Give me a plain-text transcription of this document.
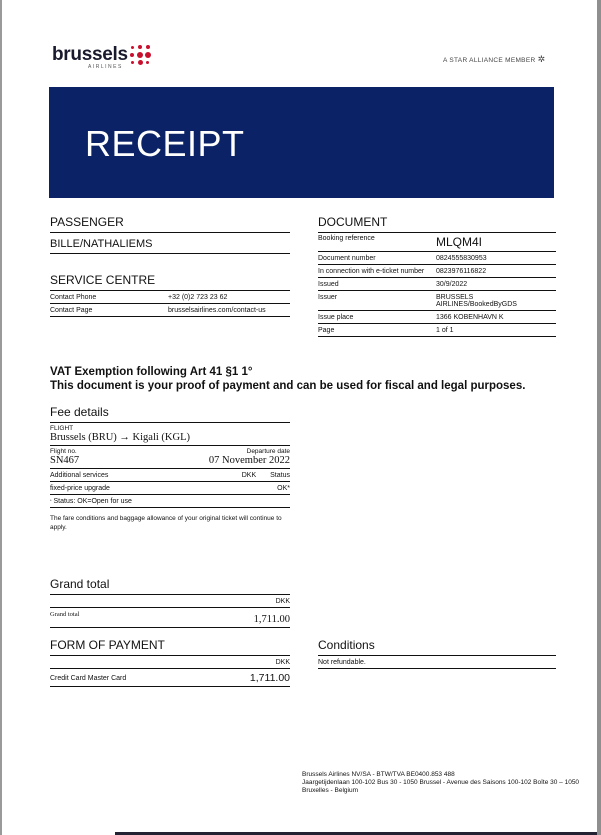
brussels
AIRLINES
A STAR ALLIANCE MEMBER ✲
RECEIPT
PASSENGER
BILLE/NATHALIEMS
SERVICE CENTRE
Contact Phone	+32 (0)2 723 23 62
Contact Page	brusselsairlines.com/contact-us
DOCUMENT
Booking reference	MLQM4I
Document number	0824555830953
In connection with e-ticket number	0823976116822
Issued	30/9/2022
Issuer	BRUSSELS AIRLINES/BookedByGDS
Issue place	1366 KOBENHAVN K
Page	1 of 1
VAT Exemption following Art 41 §1 1°
This document is your proof of payment and can be used for fiscal and legal purposes.
Fee details
FLIGHT
Brussels (BRU) → Kigali (KGL)
Flight no.	Departure date
SN467	07 November 2022
Additional services	DKK Status
fixed-price upgrade	OK*
*
Status: OK=Open for use
The fare conditions and baggage allowance of your original ticket will continue to apply.
Grand total
DKK
Grand total	1,711.00
FORM OF PAYMENT
DKK
Credit Card Master Card	1,711.00
Conditions
Not refundable.
Brussels Airlines NV/SA - BTW/TVA BE0400.853 488
Jaargetijdenlaan 100-102 Bus 30 - 1050 Brussel - Avenue des Saisons 100-102 Boîte 30 – 1050 Bruxelles - Belgium
